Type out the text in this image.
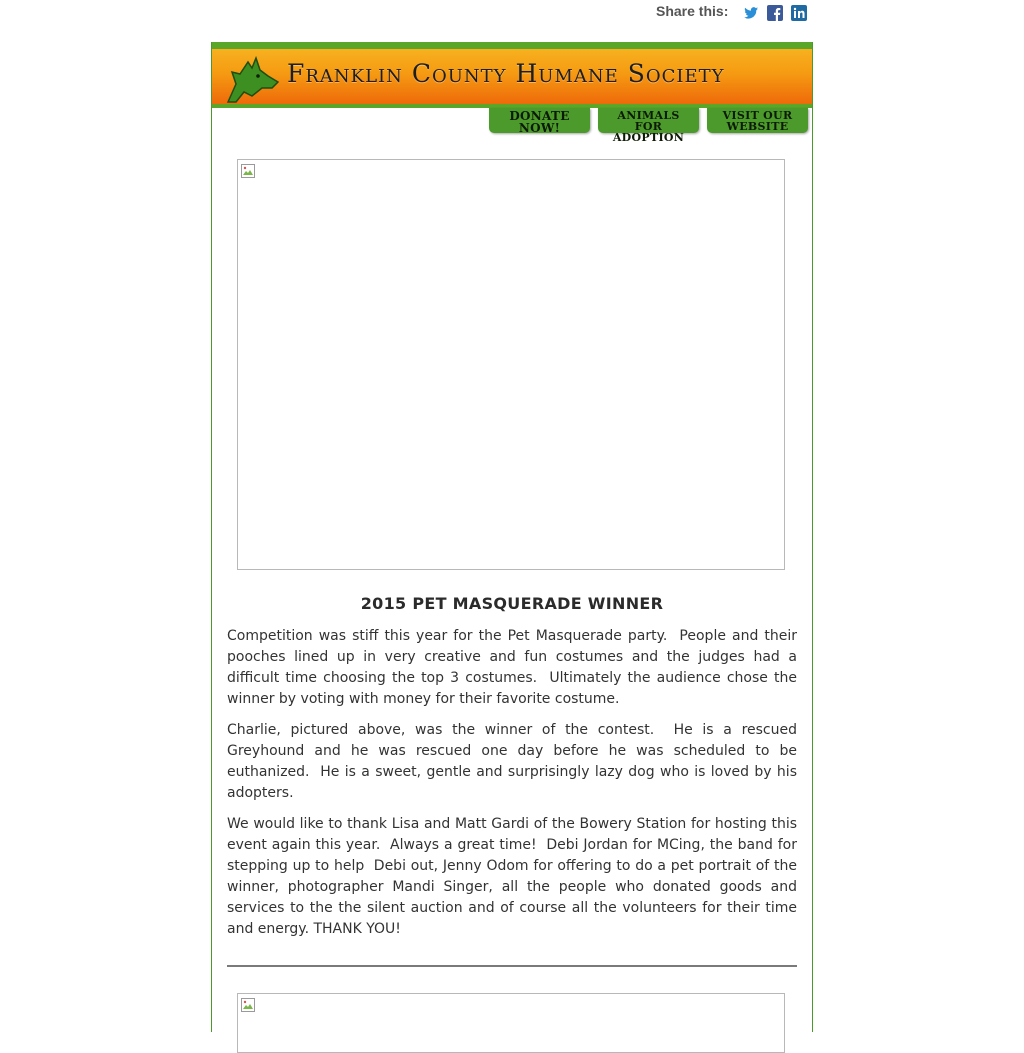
Share this:
Franklin County Humane Society
DONATE
NOW!
ANIMALS
FOR ADOPTION
VISIT OUR
WEBSITE
2015 PET MASQUERADE WINNER

Competition was stiff this year for the Pet Masquerade party.  People and their pooches lined up in very creative and fun costumes and the judges had a difficult time choosing the top 3 costumes.  Ultimately the audience chose the winner by voting with money for their favorite costume.

Charlie, pictured above, was the winner of the contest.  He is a rescued Greyhound and he was rescued one day before he was scheduled to be euthanized.  He is a sweet, gentle and surprisingly lazy dog who is loved by his adopters.

We would like to thank Lisa and Matt Gardi of the Bowery Station for hosting this event again this year.  Always a great time!  Debi Jordan for MCing, the band for stepping up to help  Debi out, Jenny Odom for offering to do a pet portrait of the winner, photographer Mandi Singer, all the people who donated goods and services to the the silent auction and of course all the volunteers for their time and energy. THANK YOU!
